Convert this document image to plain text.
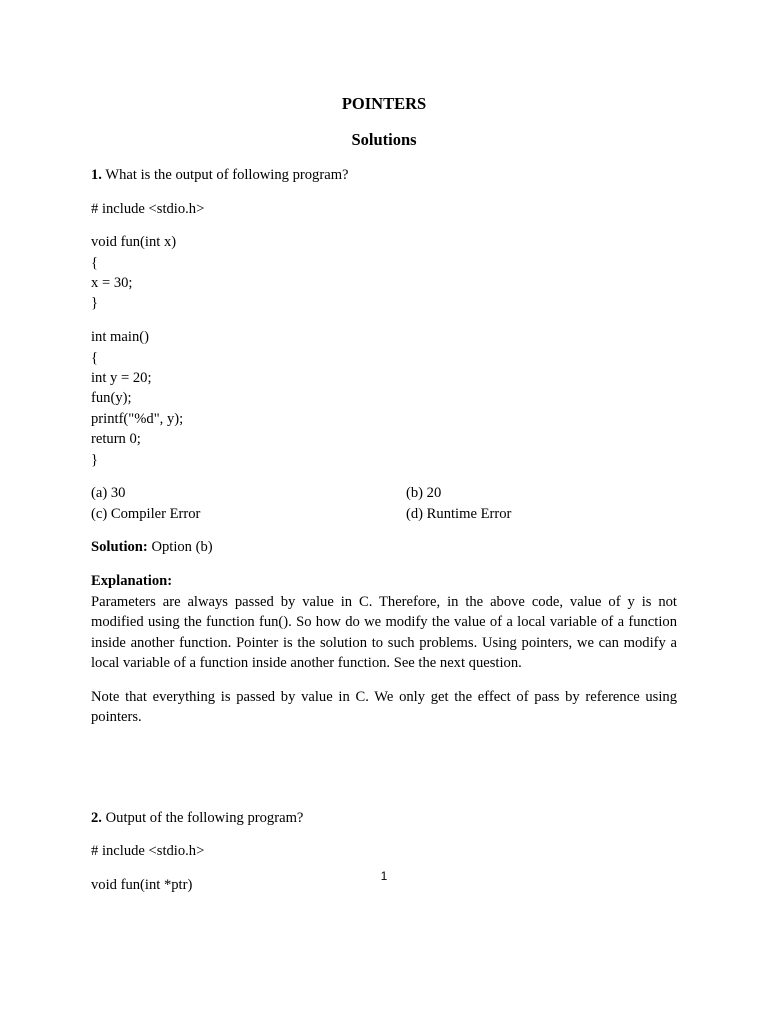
POINTERS
Solutions
1. What is the output of following program?
# include <stdio.h>
void fun(int x)
{
x = 30;
}
int main()
{
int y = 20;
fun(y);
printf("%d", y);
return 0;
}
(a) 30	(b) 20
(c) Compiler Error	(d) Runtime Error
Solution: Option (b)
Explanation:
Parameters are always passed by value in C. Therefore, in the above code, value of y is not modified using the function fun(). So how do we modify the value of a local variable of a function inside another function. Pointer is the solution to such problems. Using pointers, we can modify a local variable of a function inside another function. See the next question.
Note that everything is passed by value in C. We only get the effect of pass by reference using pointers.
2. Output of the following program?
# include <stdio.h>
void fun(int *ptr)
1
